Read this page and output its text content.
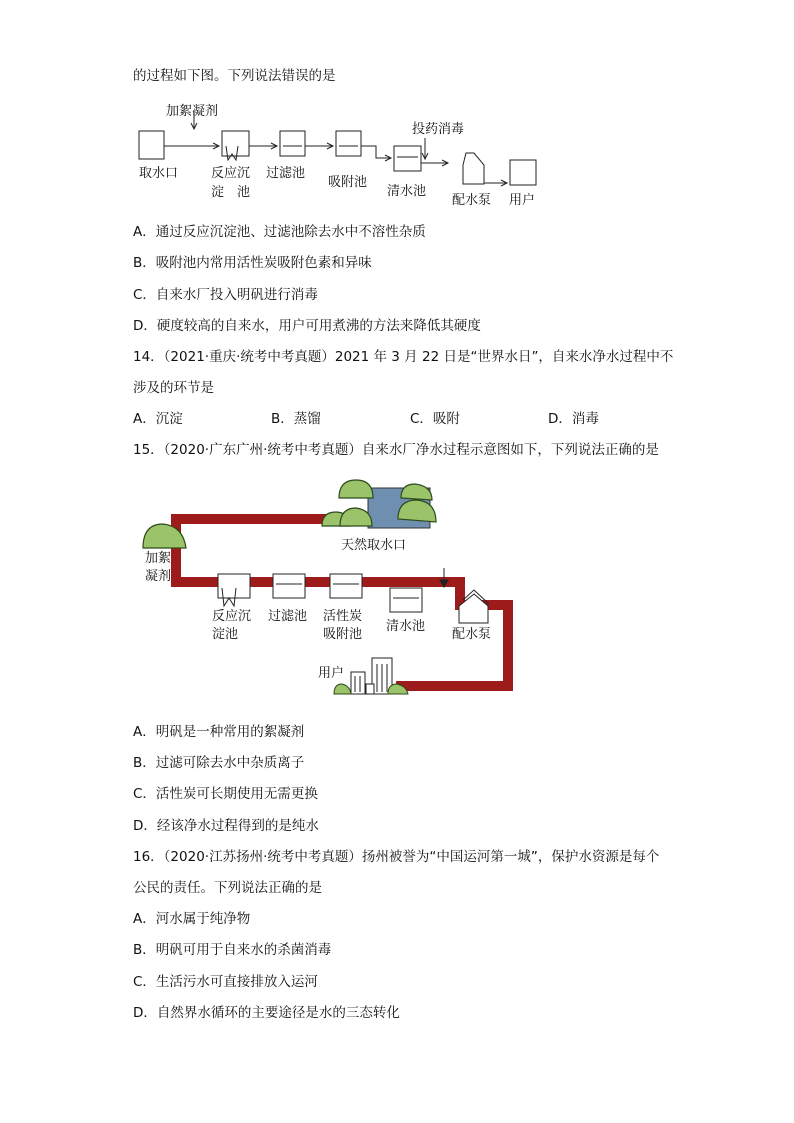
的过程如下图。下列说法错误的是
加絮凝剂
投药消毒
取水口	反应沉
淀　池
过滤池
吸附池
清水池
配水泵 用户
A．通过反应沉淀池、过滤池除去水中不溶性杂质
B．吸附池内常用活性炭吸附色素和异味
C．自来水厂投入明矾进行消毒
D．硬度较高的自来水，用户可用煮沸的方法来降低其硬度
14．（2021·重庆·统考中考真题）2021 年 3 月 22 日是“世界水日”，自来水净水过程中不
涉及的环节是
A．沉淀	B．蒸馏	C．吸附	D．消毒
15．（2020·广东广州·统考中考真题）自来水厂净水过程示意图如下，下列说法正确的是
天然取水口
加絮
凝剂
反应沉
淀池
过滤池 活性炭
吸附池
清水池
配水泵
用户
A．明矾是一种常用的絮凝剂
B．过滤可除去水中杂质离子
C．活性炭可长期使用无需更换
D．经该净水过程得到的是纯水
16．（2020·江苏扬州·统考中考真题）扬州被誉为“中国运河第一城”，保护水资源是每个
公民的责任。下列说法正确的是
A．河水属于纯净物
B．明矾可用于自来水的杀菌消毒
C．生活污水可直接排放入运河
D．自然界水循环的主要途径是水的三态转化
